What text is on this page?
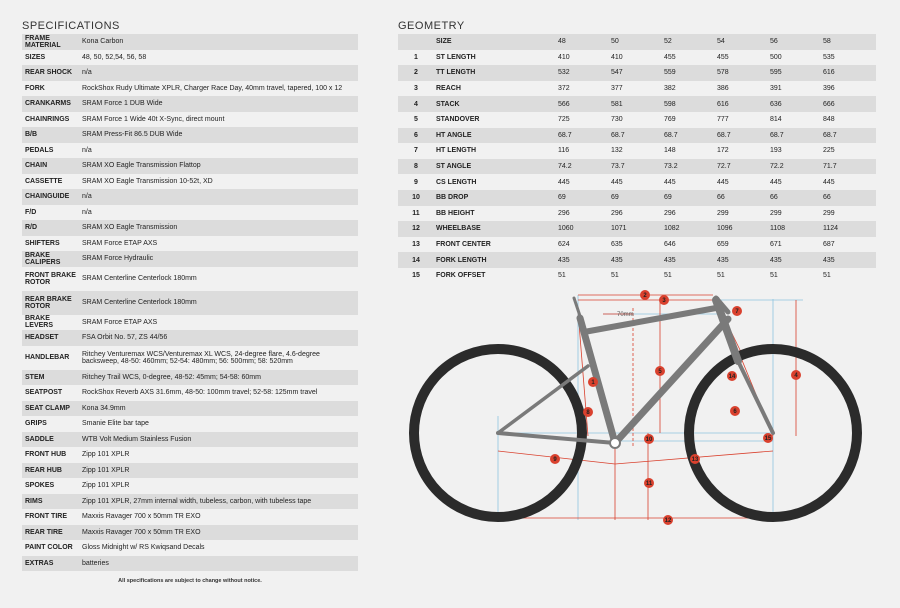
SPECIFICATIONS
FRAME MATERIAL	Kona Carbon
SIZES	48, 50, 52,54, 56, 58
REAR SHOCK	n/a
FORK	RockShox Rudy Ultimate XPLR, Charger Race Day, 40mm travel, tapered, 100 x 12
CRANKARMS	SRAM Force 1 DUB Wide
CHAINRINGS	SRAM Force 1 Wide 40t X-Sync, direct mount
B/B	SRAM Press-Fit 86.5 DUB Wide
PEDALS	n/a
CHAIN	SRAM XO Eagle Transmission Flattop
CASSETTE	SRAM XO Eagle Transmission 10-52t, XD
CHAINGUIDE	n/a
F/D	n/a
R/D	SRAM XO Eagle Transmission
SHIFTERS	SRAM Force ETAP AXS
BRAKE CALIPERS	SRAM Force Hydraulic
FRONT BRAKE ROTOR	SRAM Centerline Centerlock 180mm
REAR BRAKE ROTOR	SRAM Centerline Centerlock 180mm
BRAKE LEVERS	SRAM Force ETAP AXS
HEADSET	FSA Orbit No. 57, ZS 44/56
HANDLEBAR	Ritchey Venturemax WCS/Venturemax XL WCS, 24-degree flare, 4.6-degree backsweep, 48-50: 460mm; 52-54: 480mm; 56: 500mm; 58: 520mm
STEM	Ritchey Trail WCS, 0-degree, 48-52: 45mm; 54-58: 60mm
SEATPOST	RockShox Reverb AXS 31.6mm, 48-50: 100mm travel; 52-58: 125mm travel
SEAT CLAMP	Kona 34.9mm
GRIPS	Smanie Elite bar tape
SADDLE	WTB Volt Medium Stainless Fusion
FRONT HUB	Zipp 101 XPLR
REAR HUB	Zipp 101 XPLR
SPOKES	Zipp 101 XPLR
RIMS	Zipp 101 XPLR, 27mm internal width, tubeless, carbon, with tubeless tape
FRONT TIRE	Maxxis Ravager 700 x 50mm TR EXO
REAR TIRE	Maxxis Ravager 700 x 50mm TR EXO
PAINT COLOR	Gloss Midnight w/ RS Kwiqsand Decals
EXTRAS	batteries
All specifications are subject to change without notice.
GEOMETRY
	SIZE	48	50	52	54	56	58
1	ST LENGTH	410	410	455	455	500	535
2	TT LENGTH	532	547	559	578	595	616
3	REACH	372	377	382	386	391	396
4	STACK	566	581	598	616	636	666
5	STANDOVER	725	730	769	777	814	848
6	HT ANGLE	68.7	68.7	68.7	68.7	68.7	68.7
7	HT LENGTH	116	132	148	172	193	225
8	ST ANGLE	74.2	73.7	73.2	72.7	72.2	71.7
9	CS LENGTH	445	445	445	445	445	445
10	BB DROP	69	69	69	66	66	66
11	BB HEIGHT	296	296	296	299	299	299
12	WHEELBASE	1060	1071	1082	1096	1108	1124
13	FRONT CENTER	624	635	646	659	671	687
14	FORK LENGTH	435	435	435	435	435	435
15	FORK OFFSET	51	51	51	51	51	51
70mm
1
2
3
4
5
6
7
8
9
10
11
12
13
14
15
